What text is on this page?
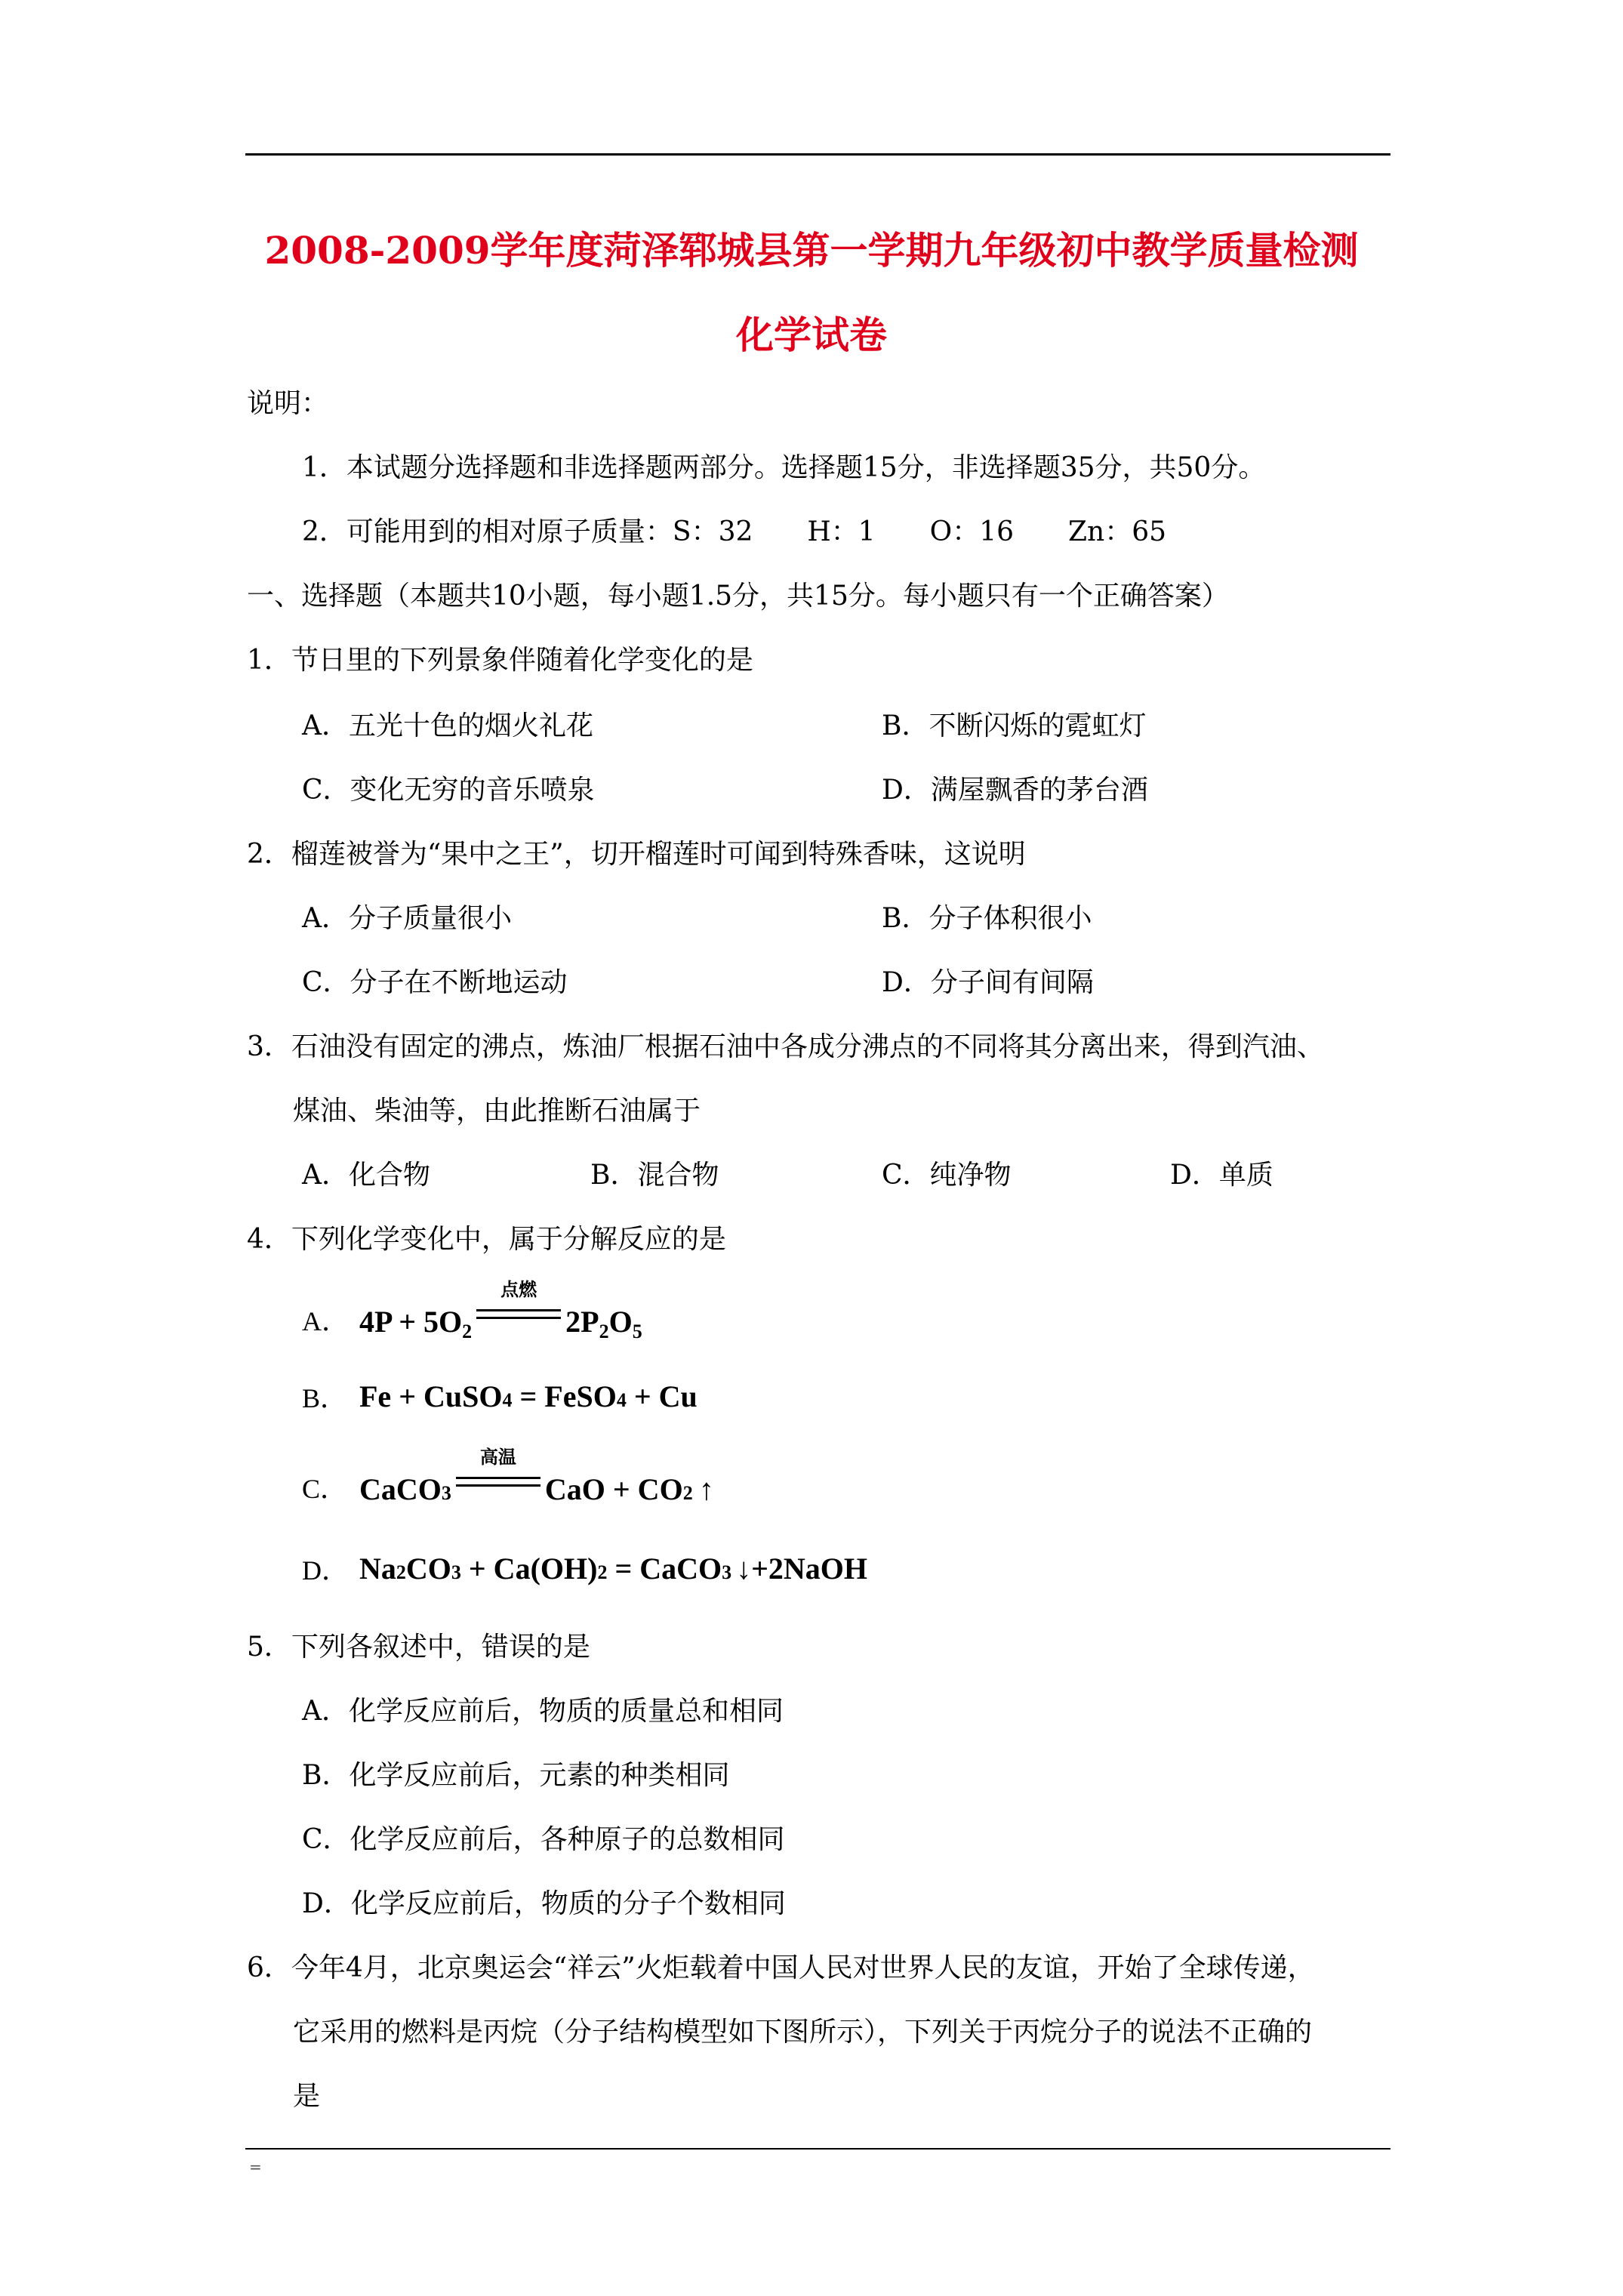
2008-2009学年度菏泽郓城县第一学期九年级初中教学质量检测
化学试卷
说明：
1．本试题分选择题和非选择题两部分。选择题15分，非选择题35分，共50分。
2．可能用到的相对原子质量：S：32　　H：1　　O：16　　Zn：65
一、选择题（本题共10小题，每小题1.5分，共15分。每小题只有一个正确答案）
1．节日里的下列景象伴随着化学变化的是
A．五光十色的烟火礼花	B．不断闪烁的霓虹灯
C．变化无穷的音乐喷泉	D．满屋飘香的茅台酒
2．榴莲被誉为“果中之王”，切开榴莲时可闻到特殊香味，这说明
A．分子质量很小	B．分子体积很小
C．分子在不断地运动	D．分子间有间隔
3．石油没有固定的沸点，炼油厂根据石油中各成分沸点的不同将其分离出来，得到汽油、
煤油、柴油等，由此推断石油属于
A．化合物	B．混合物	C．纯净物	D．单质
4．下列化学变化中，属于分解反应的是
A． $4P + 5O_2$
点燃
$2P_2O_5$
B． Fe + CuSO 4 = FeSO 4 + Cu
C． CaCO 3
高温
CaO + CO 2 ↑
D． Na 2 CO 3 + Ca(OH) 2 = CaCO 3 ↓ +2NaOH
5．下列各叙述中，错误的是
A．化学反应前后，物质的质量总和相同
B．化学反应前后，元素的种类相同
C．化学反应前后，各种原子的总数相同
D．化学反应前后，物质的分子个数相同
6．今年4月，北京奥运会“祥云”火炬载着中国人民对世界人民的友谊，开始了全球传递，
它采用的燃料是丙烷（分子结构模型如下图所示），下列关于丙烷分子的说法不正确的
是
=
